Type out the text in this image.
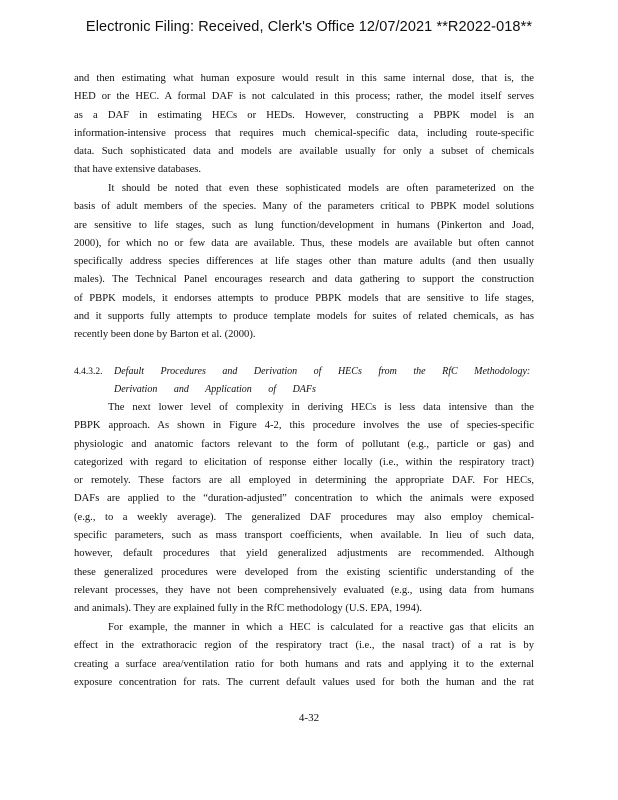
Electronic Filing: Received, Clerk's Office 12/07/2021 **R2022-018**
and then estimating what human exposure would result in this same internal dose, that is, the
HED or the HEC. A formal DAF is not calculated in this process; rather, the model itself serves
as a DAF in estimating HECs or HEDs. However, constructing a PBPK model is an
information-intensive process that requires much chemical-specific data, including route-specific
data. Such sophisticated data and models are available usually for only a subset of chemicals
that have extensive databases.
It should be noted that even these sophisticated models are often parameterized on the
basis of adult members of the species. Many of the parameters critical to PBPK model solutions
are sensitive to life stages, such as lung function/development in humans (Pinkerton and Joad,
2000), for which no or few data are available. Thus, these models are available but often cannot
specifically address species differences at life stages other than mature adults (and then usually
males). The Technical Panel encourages research and data gathering to support the construction
of PBPK models, it endorses attempts to produce PBPK models that are sensitive to life stages,
and it supports fully attempts to produce template models for suites of related chemicals, as has
recently been done by Barton et al. (2000).
4.4.3.2. Default Procedures and Derivation of HECs from the RfC Methodology:
Derivation and Application of DAFs
The next lower level of complexity in deriving HECs is less data intensive than the
PBPK approach. As shown in Figure 4-2, this procedure involves the use of species-specific
physiologic and anatomic factors relevant to the form of pollutant (e.g., particle or gas) and
categorized with regard to elicitation of response either locally (i.e., within the respiratory tract)
or remotely. These factors are all employed in determining the appropriate DAF. For HECs,
DAFs are applied to the “duration-adjusted” concentration to which the animals were exposed
(e.g., to a weekly average). The generalized DAF procedures may also employ chemical-
specific parameters, such as mass transport coefficients, when available. In lieu of such data,
however, default procedures that yield generalized adjustments are recommended. Although
these generalized procedures were developed from the existing scientific understanding of the
relevant processes, they have not been comprehensively evaluated (e.g., using data from humans
and animals). They are explained fully in the RfC methodology (U.S. EPA, 1994).
For example, the manner in which a HEC is calculated for a reactive gas that elicits an
effect in the extrathoracic region of the respiratory tract (i.e., the nasal tract) of a rat is by
creating a surface area/ventilation ratio for both humans and rats and applying it to the external
exposure concentration for rats. The current default values used for both the human and the rat
4-32
